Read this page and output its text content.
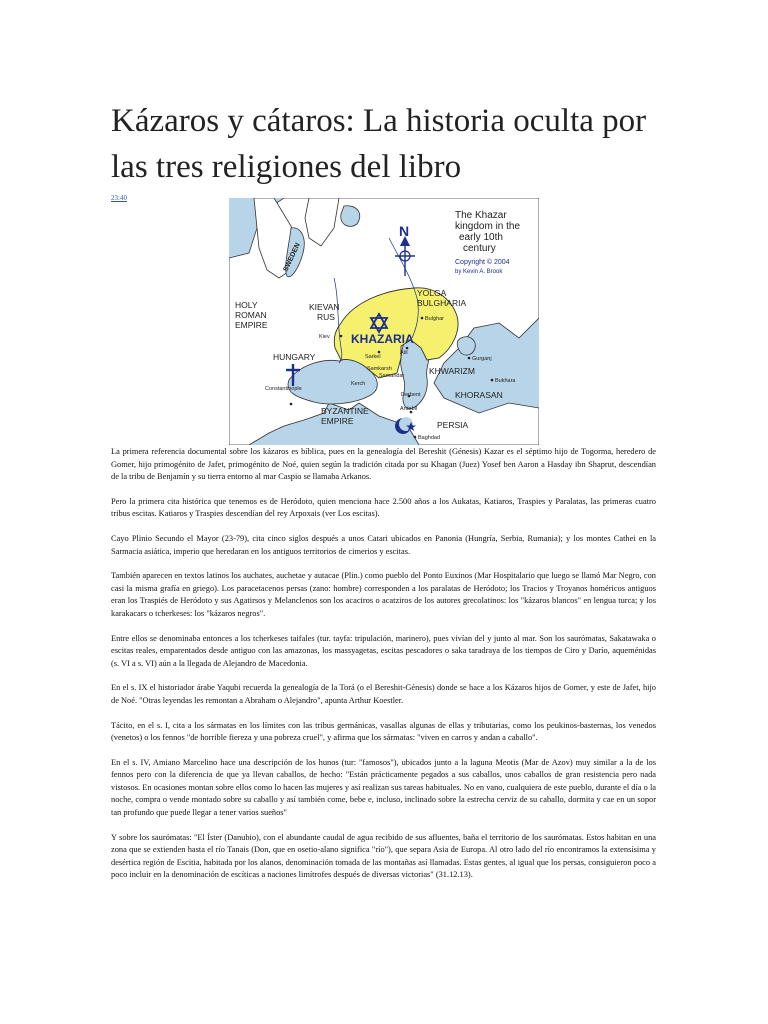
Kázaros y cátaros: La historia oculta por las tres religiones del libro
23:40
N
The Khazar
kingdom in the
early 10th
century
Copyright © 2004
by Kevin A. Brook
SWEDEN
HOLY
ROMAN
EMPIRE
KIEVAN
RUS
YOLGA
BULGHARIA
KHAZARIA
HUNGARY
BYZANTINE
EMPIRE
KHWARIZM
KHORASAN
PERSIA
Bulghar
Kiev
Sarkel
Atil
Samkarsh
Samandar
Kerch
Gurganj
Bukhara
Derbent
Constantinople
Ardebil
Baghdad

La primera referencia documental sobre los kázaros es bíblica, pues en la genealogía del Bereshit (Génesis) Kazar es el séptimo hijo de Togorma, heredero de Gomer, hijo primogénito de Jafet, primogénito de Noé, quien según la tradición citada por su Khagan (Juez) Yosef ben Aaron a Hasday ibn Shaprut, descendían de la tribu de Benjamín y su tierra entorno al mar Caspio se llamaba Arkanos.

Pero la primera cita histórica que tenemos es de Heródoto, quien menciona hace 2.500 años a los Aukatas, Katiaros, Traspies y Paralatas, las primeras cuatro tribus escitas. Katiaros y Traspies descendían del rey Arpoxais (ver Los escitas).

Cayo Plinio Secundo el Mayor (23-79), cita cinco siglos después a unos Catari ubicados en Panonia (Hungría, Serbia, Rumania); y los montes Cathei en la Sarmacia asiática, imperio que heredaran en los antiguos territorios de cimerios y escitas.

También aparecen en textos latinos los auchates, auchetae y autacae (Plin.) como pueblo del Ponto Euxinos (Mar Hospitalario que luego se llamó Mar Negro, con casi la misma grafía en griego). Los paracetacenos persas (zano: hombre) corresponden a los paralatas de Heródoto; los Tracios y Troyanos homéricos antiguos eran los Traspiés de Heródoto y sus Agatirsos y Melanclenos son los acaciros o acatziros de los autores grecolatinos: los "kázaros blancos" en lengua turca; y los karakacars o tcherkeses: los "kázaros negros".

Entre ellos se denominaba entonces a los tcherkeses taifales (tur. tayfa: tripulación, marinero), pues vivían del y junto al mar. Son los saurómatas, Sakatawaka o escitas reales, emparentados desde antiguo con las amazonas, los massyagetas, escitas pescadores o saka taradraya de los tiempos de Ciro y Darío, aqueménidas (s. VI a s. VI) aún a la llegada de Alejandro de Macedonia.

En el s. IX el historiador árabe Yaqubi recuerda la genealogía de la Torá (o el Bereshit-Génesis) donde se hace a los Kázaros hijos de Gomer, y este de Jafet, hijo de Noé. "Otras leyendas les remontan a Abraham o Alejandro", apunta Arthur Koestler.

Tácito, en el s. I, cita a los sármatas en los límites con las tribus germánicas, vasallas algunas de ellas y tributarias, como los peukinos-basternas, los venedos (venetos) o los fennos "de horrible fiereza y una pobreza cruel", y afirma que los sármatas: "viven en carros y andan a caballo".

En el s. IV, Amiano Marcelino hace una descripción de los hunos (tur: "famosos"), ubicados junto a la laguna Meotis (Mar de Azov) muy similar a la de los fennos pero con la diferencia de que ya llevan caballos, de hecho: "Están prácticamente pegados a sus caballos, unos caballos de gran resistencia pero nada vistosos. En ocasiones montan sobre ellos como lo hacen las mujeres y así realizan sus tareas habituales. No en vano, cualquiera de este pueblo, durante el día o la noche, compra o vende montado sobre su caballo y así también come, bebe e, incluso, inclinado sobre la estrecha cerviz de su caballo, dormita y cae en un sopor tan profundo que puede llegar a tener varios sueños"

Y sobre los saurómatas: "El Íster (Danubio), con el abundante caudal de agua recibido de sus afluentes, baña el territorio de los saurómatas. Estos habitan en una zona que se extienden hasta el río Tanais (Don, que en osetio-alano significa "río"), que separa Asia de Europa. Al otro lado del río encontramos la extensísima y desértica región de Escitia, habitada por los alanos, denominación tomada de las montañas así llamadas. Estas gentes, al igual que los persas, consiguieron poco a poco incluir en la denominación de escíticas a naciones limítrofes después de diversas victorias" (31.12.13).
